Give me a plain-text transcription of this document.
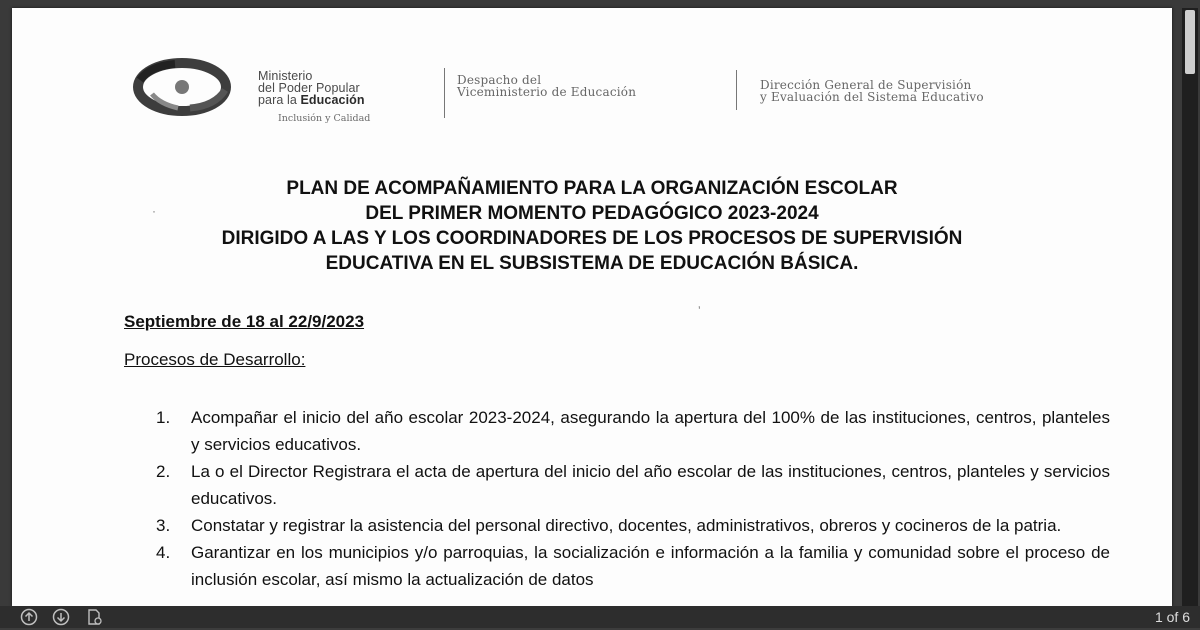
Ministerio
del Poder Popular
para la Educación
Inclusión y Calidad
Despacho del
Viceministerio de Educación	Dirección General de Supervisión
y Evaluación del Sistema Educativo
PLAN DE ACOMPAÑAMIENTO PARA LA ORGANIZACIÓN ESCOLAR
DEL PRIMER MOMENTO PEDAGÓGICO 2023-2024
DIRIGIDO A LAS Y LOS COORDINADORES DE LOS PROCESOS DE SUPERVISIÓN
EDUCATIVA EN EL SUBSISTEMA DE EDUCACIÓN BÁSICA.
·
ʼ
Septiembre de 18 al 22/9/2023
Procesos de Desarrollo:
1. Acompañar el inicio del año escolar 2023-2024, asegurando la apertura del 100% de las instituciones, centros, planteles y servicios educativos.
2. La o el Director Registrara el acta de apertura del inicio del año escolar de las instituciones, centros, planteles y servicios educativos.
3. Constatar y registrar la asistencia del personal directivo, docentes, administrativos, obreros y cocineros de la patria.
4. Garantizar en los municipios y/o parroquias, la socialización e información a la familia y comunidad sobre el proceso de inclusión escolar, así mismo la actualización de datos
1 of 6
